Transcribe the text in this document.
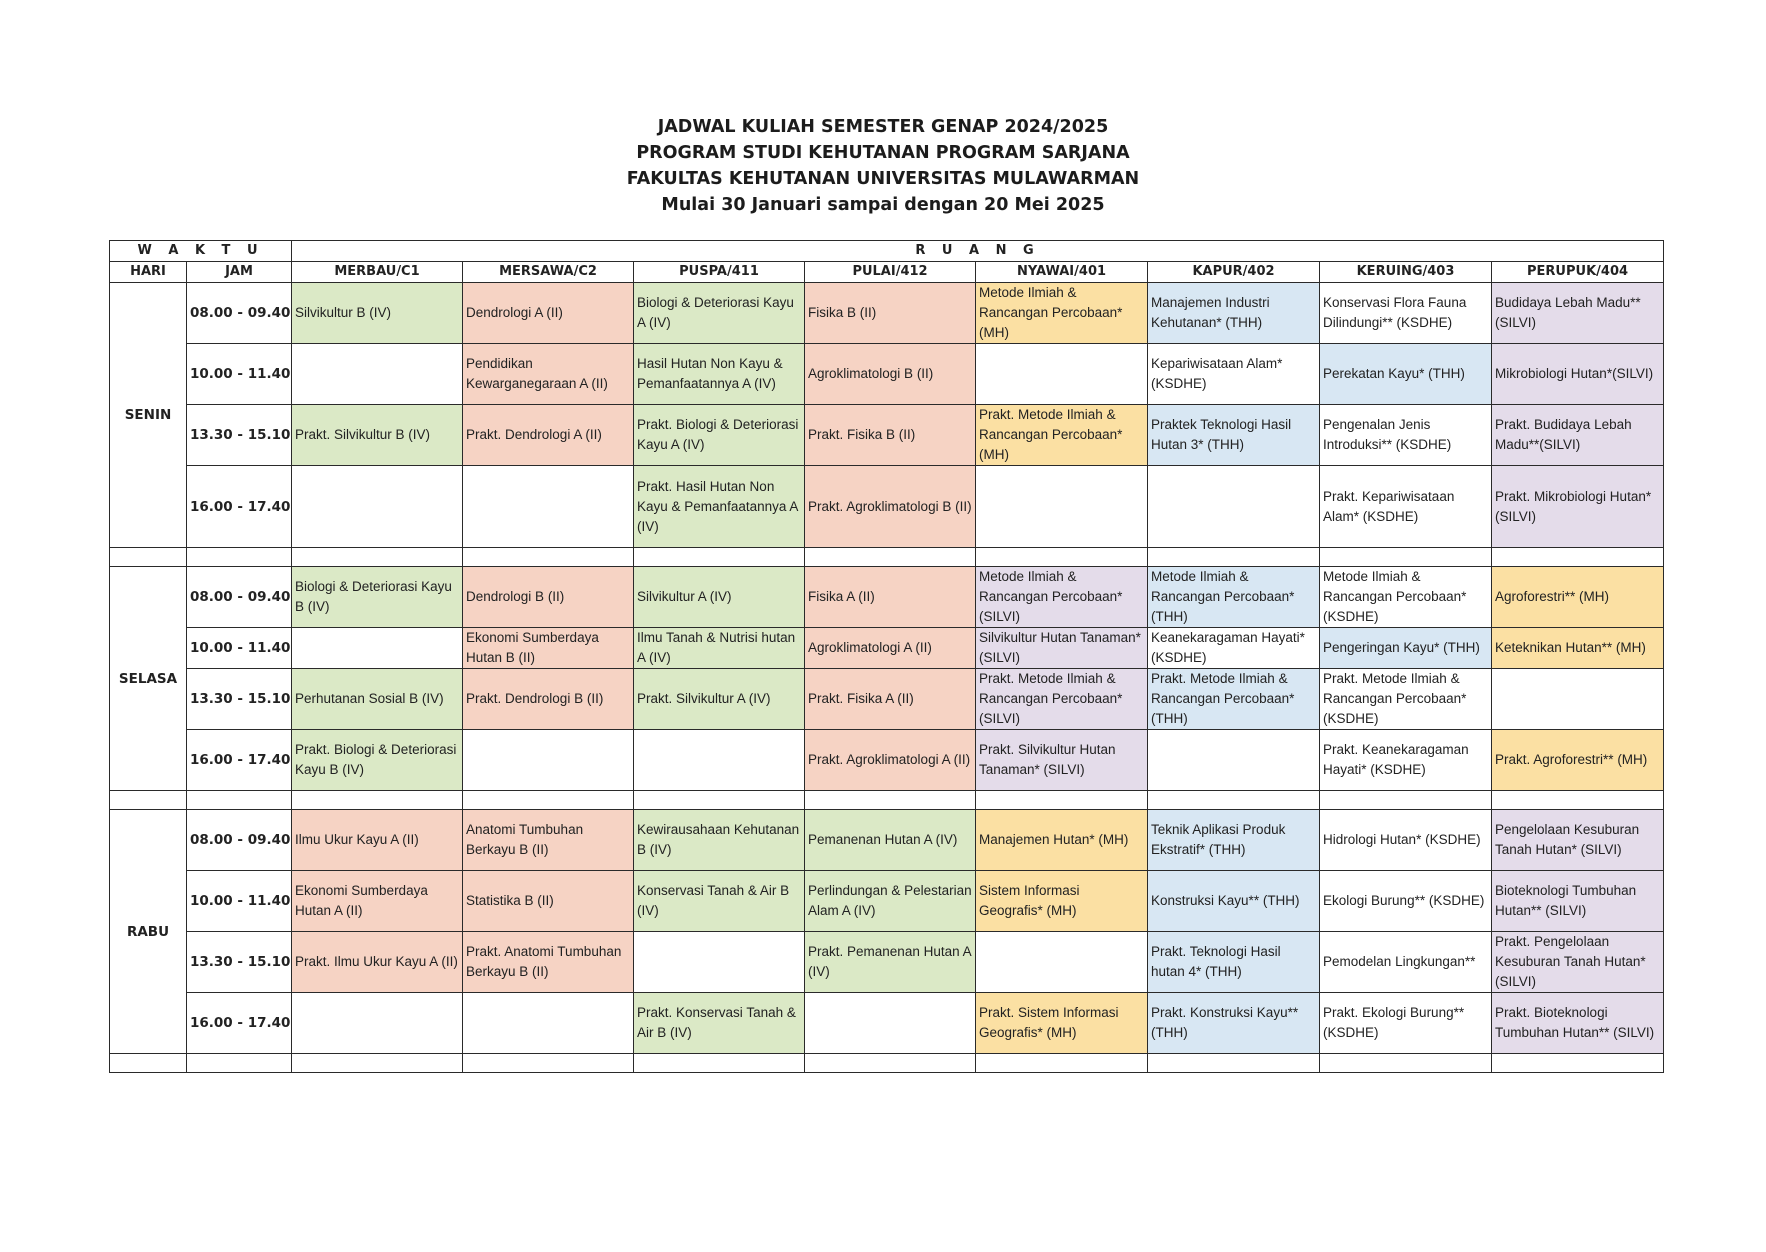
JADWAL KULIAH SEMESTER GENAP 2024/2025
PROGRAM STUDI KEHUTANAN PROGRAM SARJANA
FAKULTAS KEHUTANAN UNIVERSITAS MULAWARMAN
Mulai 30 Januari sampai dengan 20 Mei 2025
W A K T U		R U A N G							
HARI	JAM	MERBAU/C1	MERSAWA/C2	PUSPA/411	PULAI/412	NYAWAI/401	KAPUR/402	KERUING/403	PERUPUK/404
SENIN	08.00 - 09.40	Silvikultur B (IV)	Dendrologi A (II)	Biologi & Deteriorasi Kayu A (IV)	Fisika B (II)	Metode Ilmiah & Rancangan Percobaan* (MH)	Manajemen Industri Kehutanan* (THH)	Konservasi Flora Fauna Dilindungi** (KSDHE)	Budidaya Lebah Madu**(SILVI)
	10.00 - 11.40		Pendidikan Kewarganegaraan A (II)	Hasil Hutan Non Kayu & Pemanfaatannya A (IV)	Agroklimatologi B (II)		Kepariwisataan Alam* (KSDHE)	Perekatan Kayu* (THH)	Mikrobiologi Hutan*(SILVI)
	13.30 - 15.10	Prakt. Silvikultur B (IV)	Prakt. Dendrologi A (II)	Prakt. Biologi & Deteriorasi Kayu A (IV)	Prakt. Fisika B (II)	Prakt. Metode Ilmiah & Rancangan Percobaan* (MH)	Praktek Teknologi Hasil Hutan 3* (THH)	Pengenalan Jenis Introduksi** (KSDHE)	Prakt. Budidaya Lebah Madu**(SILVI)
	16.00 - 17.40			Prakt. Hasil Hutan Non Kayu & Pemanfaatannya A (IV)	Prakt. Agroklimatologi B (II)			Prakt. Kepariwisataan Alam* (KSDHE)	Prakt. Mikrobiologi Hutan*(SILVI)

SELASA	08.00 - 09.40	Biologi & Deteriorasi Kayu B (IV)	Dendrologi B (II)	Silvikultur A (IV)	Fisika A (II)	Metode Ilmiah & Rancangan Percobaan* (SILVI)	Metode Ilmiah & Rancangan Percobaan* (THH)	Metode Ilmiah & Rancangan Percobaan* (KSDHE)	Agroforestri** (MH)
	10.00 - 11.40		Ekonomi Sumberdaya Hutan B (II)	Ilmu Tanah & Nutrisi hutan A (IV)	Agroklimatologi A (II)	Silvikultur Hutan Tanaman* (SILVI)	Keanekaragaman Hayati* (KSDHE)	Pengeringan Kayu* (THH)	Keteknikan Hutan** (MH)
	13.30 - 15.10	Perhutanan Sosial B (IV)	Prakt. Dendrologi B (II)	Prakt. Silvikultur A (IV)	Prakt. Fisika A (II)	Prakt. Metode Ilmiah & Rancangan Percobaan* (SILVI)	Prakt. Metode Ilmiah & Rancangan Percobaan* (THH)	Prakt. Metode Ilmiah & Rancangan Percobaan* (KSDHE)	
	16.00 - 17.40	Prakt. Biologi & Deteriorasi Kayu B (IV)			Prakt. Agroklimatologi A (II)	Prakt. Silvikultur Hutan Tanaman* (SILVI)		Prakt. Keanekaragaman Hayati* (KSDHE)	Prakt. Agroforestri** (MH)

RABU	08.00 - 09.40	Ilmu Ukur Kayu A (II)	Anatomi Tumbuhan Berkayu B (II)	Kewirausahaan Kehutanan B (IV)	Pemanenan Hutan A (IV)	Manajemen Hutan* (MH)	Teknik Aplikasi Produk Ekstratif* (THH)	Hidrologi Hutan* (KSDHE)	Pengelolaan Kesuburan Tanah Hutan* (SILVI)
	10.00 - 11.40	Ekonomi Sumberdaya Hutan A (II)	Statistika B (II)	Konservasi Tanah & Air B (IV)	Perlindungan & Pelestarian Alam A (IV)	Sistem Informasi Geografis* (MH)	Konstruksi Kayu** (THH)	Ekologi Burung** (KSDHE)	Bioteknologi Tumbuhan Hutan** (SILVI)
	13.30 - 15.10	Prakt. Ilmu Ukur Kayu A (II)	Prakt. Anatomi Tumbuhan Berkayu B (II)		Prakt. Pemanenan Hutan A (IV)		Prakt. Teknologi Hasil hutan 4* (THH)	Pemodelan Lingkungan**	Prakt. Pengelolaan Kesuburan Tanah Hutan* (SILVI)
	16.00 - 17.40			Prakt. Konservasi Tanah & Air B (IV)		Prakt. Sistem Informasi Geografis* (MH)	Prakt. Konstruksi Kayu** (THH)	Prakt. Ekologi Burung** (KSDHE)	Prakt. Bioteknologi Tumbuhan Hutan** (SILVI)
